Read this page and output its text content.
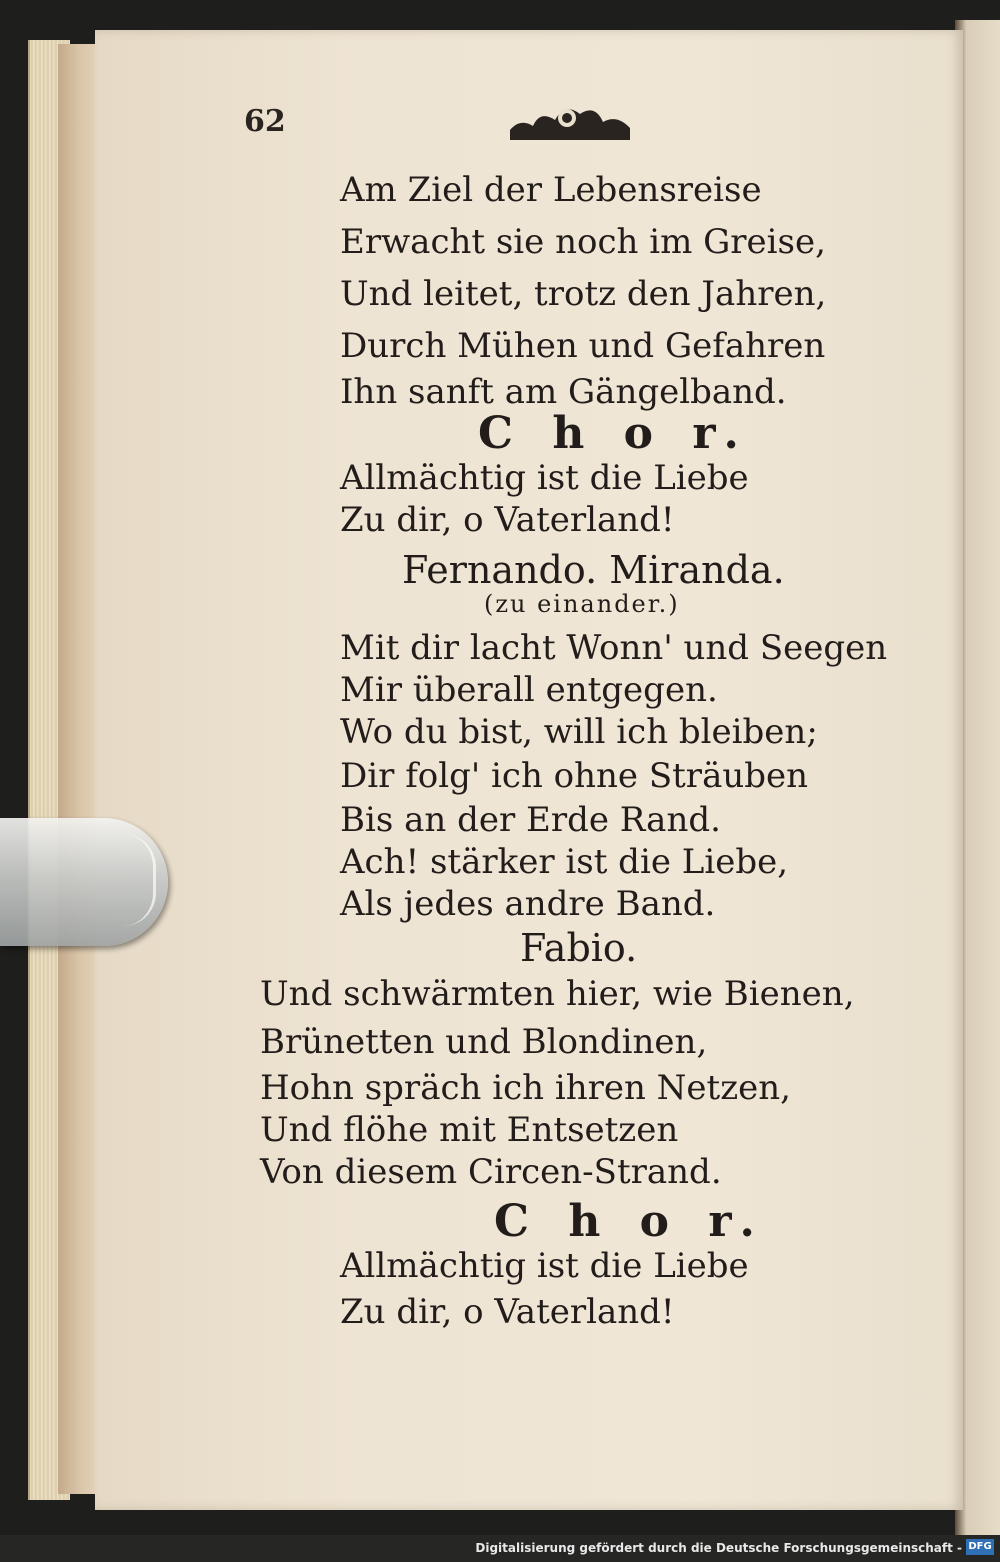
62
Am Ziel der Lebensreise
Erwacht sie noch im Greise,
Und leitet, trotz den Jahren,
Durch Mühen und Gefahren
Ihn sanft am Gängelband.
C h o r.
Allmächtig ist die Liebe
Zu dir, o Vaterland!
Fernando. Miranda.
(zu einander.)
Mit dir lacht Wonn' und Seegen
Mir überall entgegen.
Wo du bist, will ich bleiben;
Dir folg' ich ohne Sträuben
Bis an der Erde Rand.
Ach! stärker ist die Liebe,
Als jedes andre Band.
Fabio.
Und schwärmten hier, wie Bienen,
Brünetten und Blondinen,
Hohn spräch ich ihren Netzen,
Und flöhe mit Entsetzen
Von diesem Circen-Strand.
C h o r.
Allmächtig ist die Liebe
Zu dir, o Vaterland!
Digitalisierung gefördert durch die Deutsche Forschungsgemeinschaft - DFG
